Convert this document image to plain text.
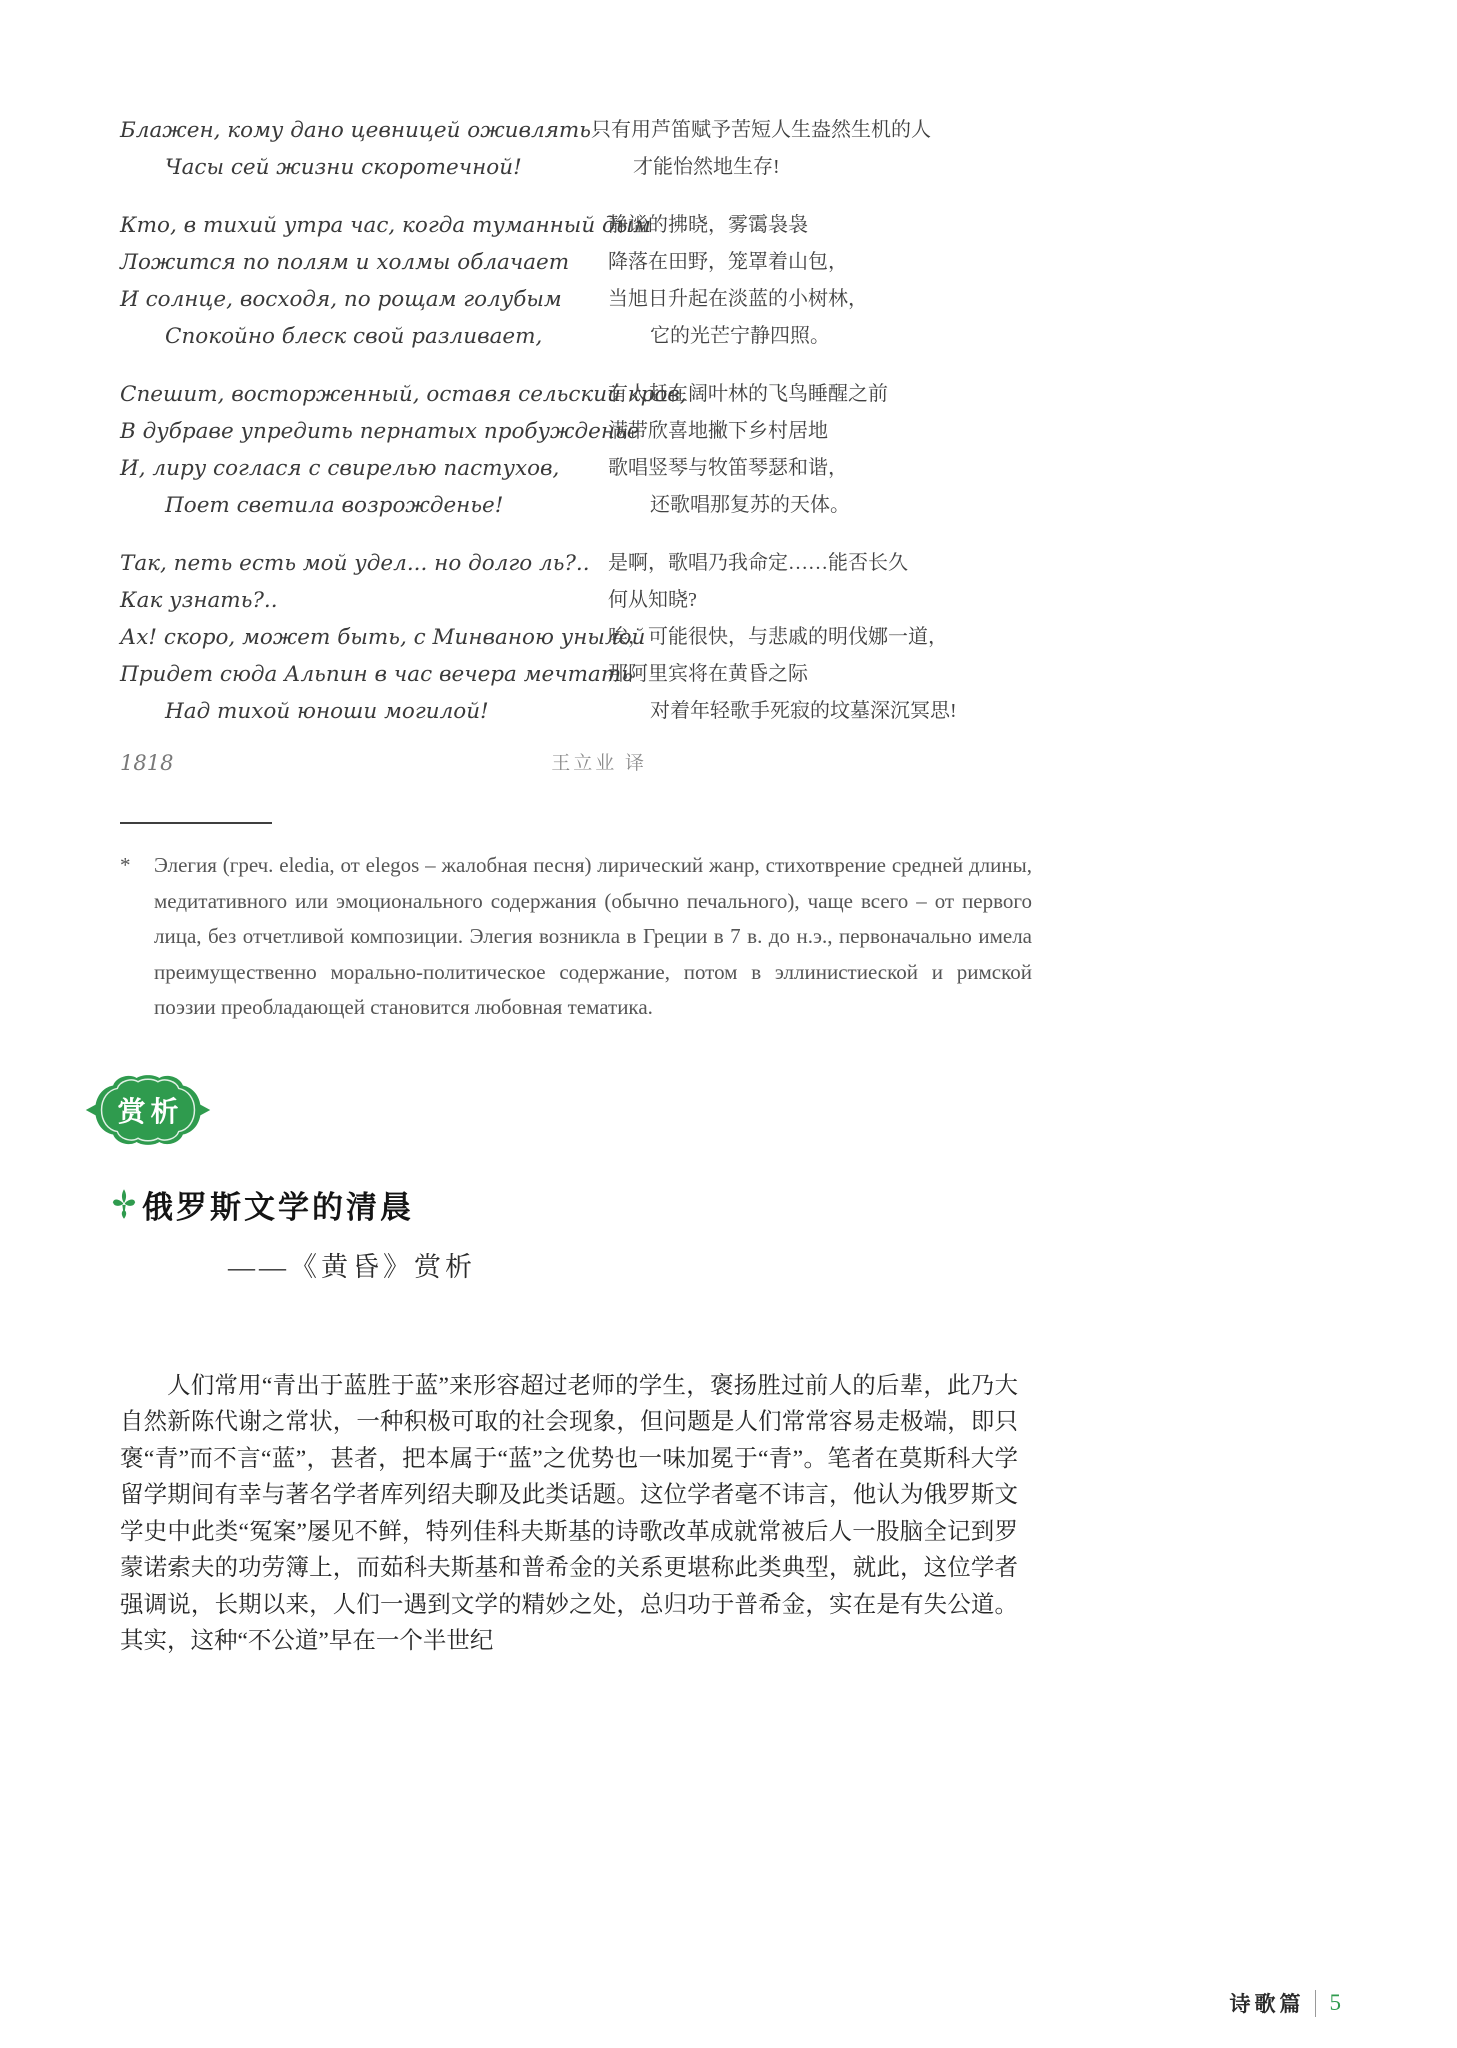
Блажен, кому дано цевницей оживлять
Часы сей жизни скоротечной!
只有用芦笛赋予苦短人生盎然生机的人
才能怡然地生存!
Кто, в тихий утра час, когда туманный дым
Ложится по полям и холмы облачает
И солнце, восходя, по рощам голубым
Спокойно блеск свой разливает,
静谧的拂晓，雾霭袅袅
降落在田野，笼罩着山包，
当旭日升起在淡蓝的小树林，
它的光芒宁静四照。
Спешит, восторженный, оставя сельский кров,
В дубраве упредить пернатых пробужденье
И, лиру соглася с свирелью пастухов,
Поет светила возрожденье!
有人赶在阔叶林的飞鸟睡醒之前
满带欣喜地撇下乡村居地
歌唱竖琴与牧笛琴瑟和谐，
还歌唱那复苏的天体。
Так, петь есть мой удел... но долго ль?..
Как узнать?..
Ах! скоро, может быть, с Минваною унылой
Придет сюда Альпин в час вечера мечтать
Над тихой юноши могилой!
是啊，歌唱乃我命定……能否长久
何从知晓?
唉，可能很快，与悲戚的明伐娜一道，
那阿里宾将在黄昏之际
对着年轻歌手死寂的坟墓深沉冥思!
1818	王立业 译
*	Элегия (греч. eledia, от elegos – жалобная песня) лирический жанр, стихотврение средней длины, медитативного или эмоционального содержания (обычно печального), чаще всего – от первого лица, без отчетливой композиции. Элегия возникла в Греции в 7 в. до н.э., первоначально имела преимущественно морально-политическое содержание, потом в эллинистиеской и римской поэзии преобладающей становится любовная тематика.
赏析
俄罗斯文学的清晨
——《黄昏》赏析
人们常用“青出于蓝胜于蓝”来形容超过老师的学生，褒扬胜过前人的后辈，此乃大自然新陈代谢之常状，一种积极可取的社会现象，但问题是人们常常容易走极端，即只褒“青”而不言“蓝”，甚者，把本属于“蓝”之优势也一味加冕于“青”。笔者在莫斯科大学留学期间有幸与著名学者库列绍夫聊及此类话题。这位学者毫不讳言，他认为俄罗斯文学史中此类“冤案”屡见不鲜，特列佳科夫斯基的诗歌改革成就常被后人一股脑全记到罗蒙诺索夫的功劳簿上，而茹科夫斯基和普希金的关系更堪称此类典型，就此，这位学者强调说，长期以来，人们一遇到文学的精妙之处，总归功于普希金，实在是有失公道。其实，这种“不公道”早在一个半世纪
诗歌篇 5
